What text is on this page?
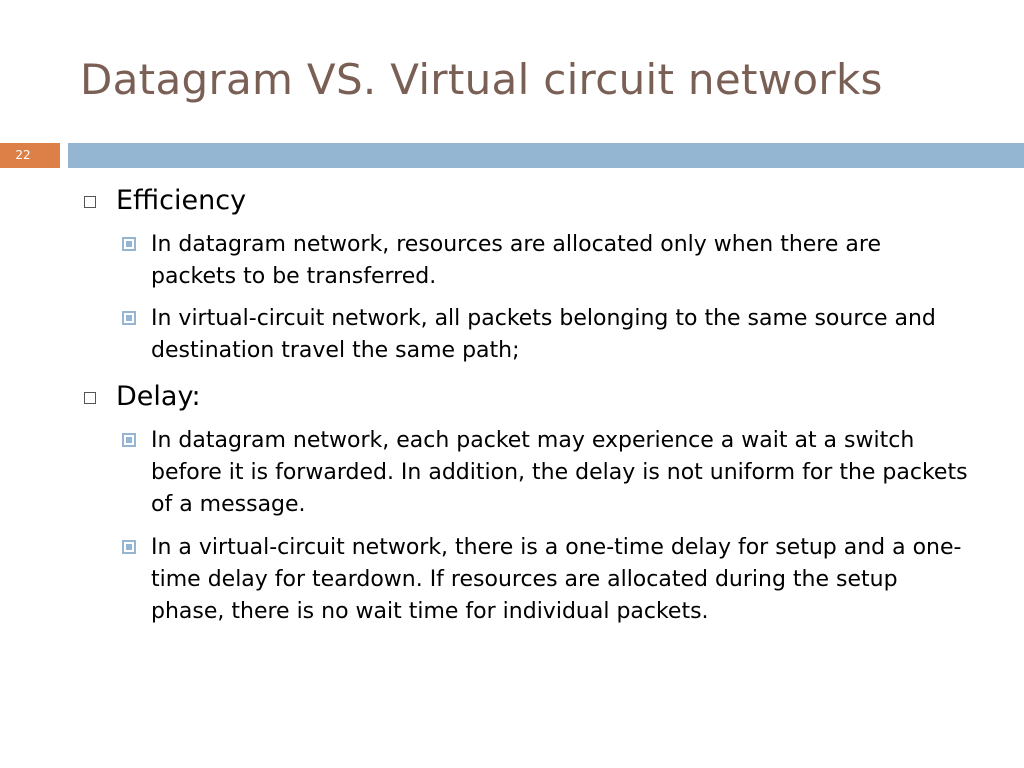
Datagram VS. Virtual circuit networks
22
Efficiency
In datagram network, resources are allocated only when there are packets to be transferred.
In virtual-circuit network, all packets belonging to the same source and destination travel the same path;
Delay:
In datagram network, each packet may experience a wait at a switch before it is forwarded. In addition, the delay is not uniform for the packets of a message.
In a virtual-circuit network, there is a one-time delay for setup and a one-time delay for teardown. If resources are allocated during the setup phase, there is no wait time for individual packets.
